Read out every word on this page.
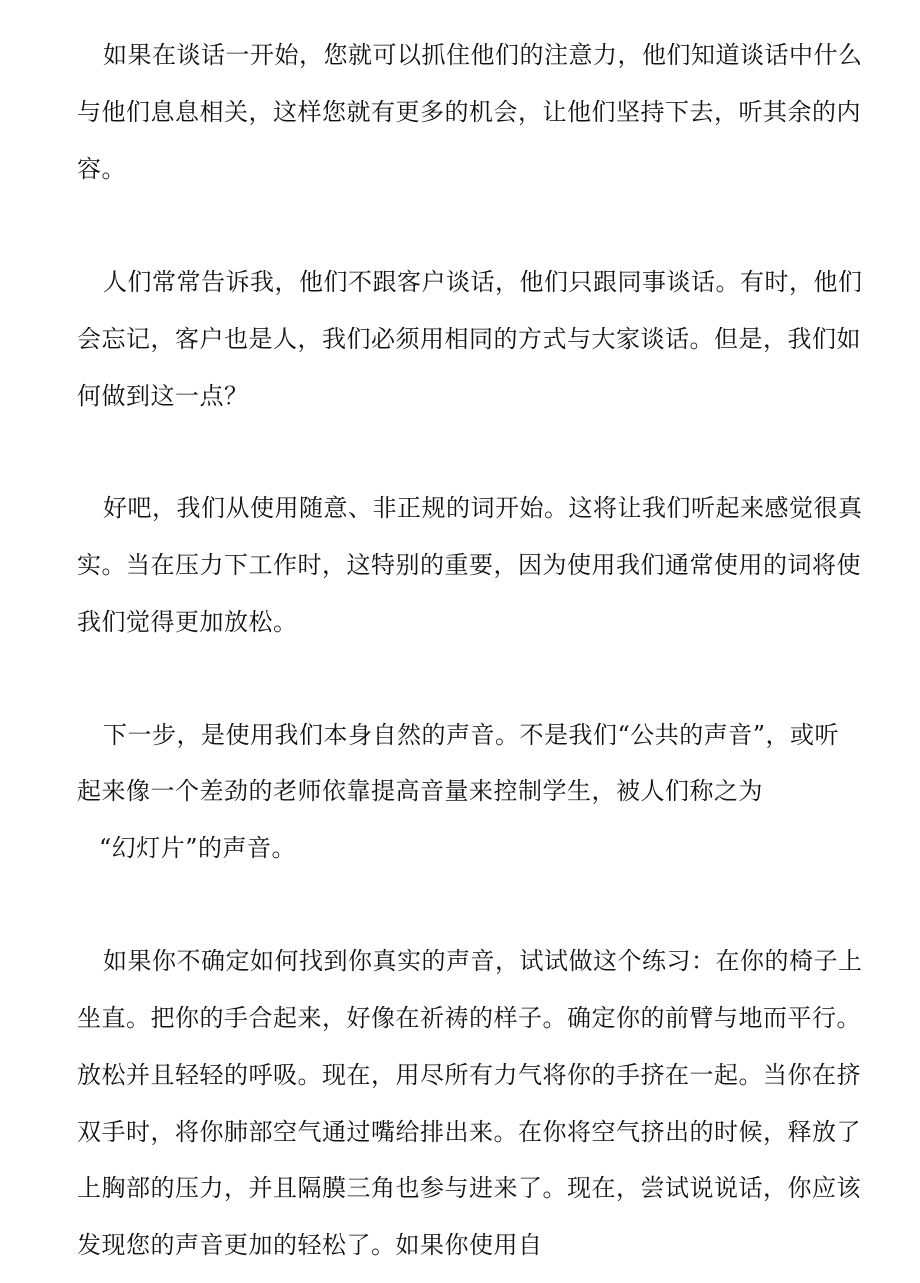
如果在谈话一开始，您就可以抓住他们的注意力，他们知道谈话中什么
与他们息息相关，这样您就有更多的机会，让他们坚持下去，听其余的内
容。
人们常常告诉我，他们不跟客户谈话，他们只跟同事谈话。有时，他们
会忘记，客户也是人，我们必须用相同的方式与大家谈话。但是，我们如
何做到这一点？
好吧，我们从使用随意、非正规的词开始。这将让我们听起来感觉很真
实。当在压力下工作时，这特别的重要，因为使用我们通常使用的词将使
我们觉得更加放松。
下一步，是使用我们本身自然的声音。不是我们“公共的声音”，或听
起来像一个差劲的老师依靠提高音量来控制学生，被人们称之为
“幻灯片”的声音。
如果你不确定如何找到你真实的声音，试试做这个练习：在你的椅子上
坐直。把你的手合起来，好像在祈祷的样子。确定你的前臂与地而平行。
放松并且轻轻的呼吸。现在，用尽所有力气将你的手挤在一起。当你在挤
双手时，将你肺部空气通过嘴给排出来。在你将空气挤出的时候，释放了
上胸部的压力，并且隔膜三角也参与进来了。现在，尝试说说话，你应该
发现您的声音更加的轻松了。如果你使用自
